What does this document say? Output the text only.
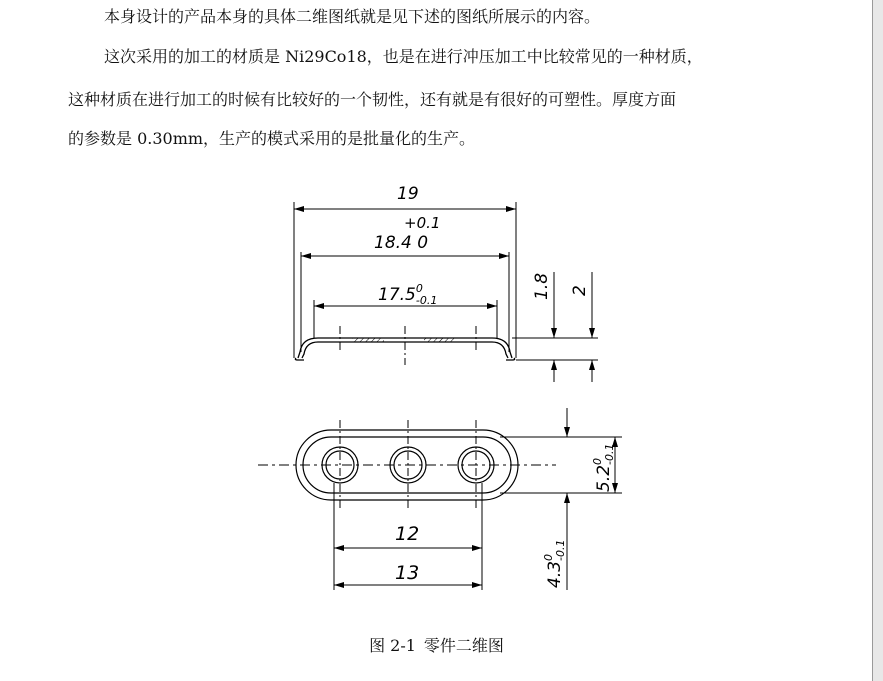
本身设计的产品本身的具体二维图纸就是见下述的图纸所展示的内容。

这次采用的加工的材质是 Ni29Co18，也是在进行冲压加工中比较常见的一种材质，

这种材质在进行加工的时候有比较好的一个韧性，还有就是有很好的可塑性。厚度方面

的参数是 0.30mm，生产的模式采用的是批量化的生产。

19
+0.1
18.4 0
17.5$^0$ -0.1
1.8 2
12
13
$5.2^0-0.1$
$4.3^0-0.1$

图 2-1 零件二维图
